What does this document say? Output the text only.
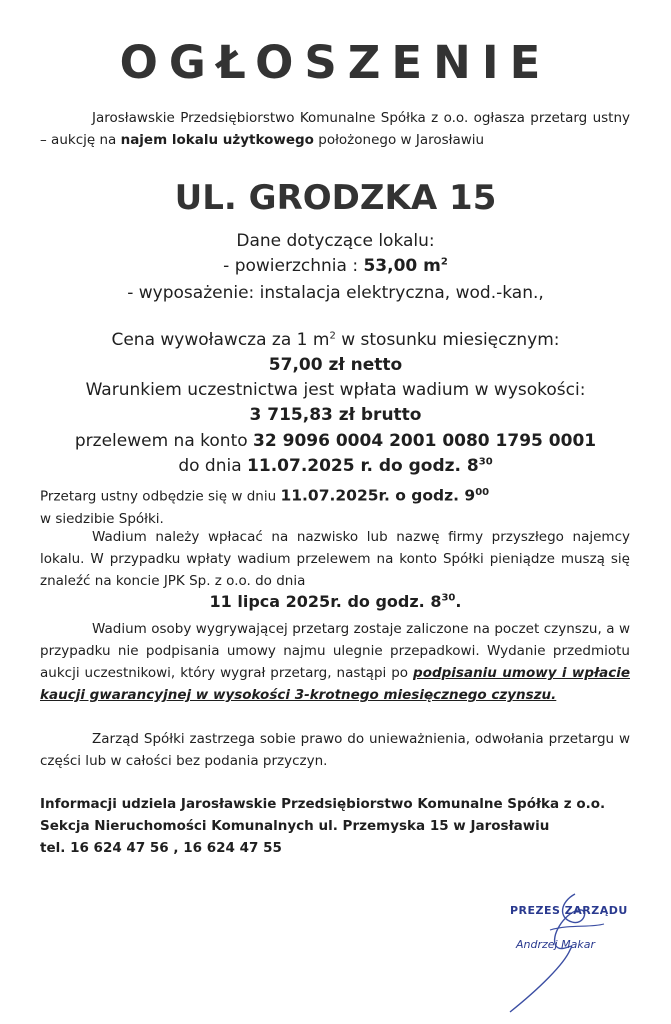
OGŁOSZENIE
Jarosławskie Przedsiębiorstwo Komunalne Spółka z o.o. ogłasza przetarg ustny – aukcję na najem lokalu użytkowego położonego w Jarosławiu
UL. GRODZKA 15
Dane dotyczące lokalu:
- powierzchnia : 53,00 $m^2$
- wyposażenie: instalacja elektryczna, wod.-kan.,
Cena wywoławcza za 1 $m^2$ w stosunku miesięcznym:
57,00 zł netto
Warunkiem uczestnictwa jest wpłata wadium w wysokości:
3 715,83 zł brutto
przelewem na konto 32 9096 0004 2001 0080 1795 0001
do dnia 11.07.2025 r. do godz. $8^{30}$
Przetarg ustny odbędzie się w dniu 11.07.2025r. o godz. $9^{00}$
w siedzibie Spółki.
Wadium należy wpłacać na nazwisko lub nazwę firmy przyszłego najemcy lokalu. W przypadku wpłaty wadium przelewem na konto Spółki pieniądze muszą się znaleźć na koncie JPK Sp. z o.o. do dnia
11 lipca 2025r. do godz. $8^{30}$.
Wadium osoby wygrywającej przetarg zostaje zaliczone na poczet czynszu, a w przypadku nie podpisania umowy najmu ulegnie przepadkowi. Wydanie przedmiotu aukcji uczestnikowi, który wygrał przetarg, nastąpi po podpisaniu umowy i wpłacie kaucji gwarancyjnej w wysokości 3-krotnego miesięcznego czynszu.
Zarząd Spółki zastrzega sobie prawo do unieważnienia, odwołania przetargu w części lub w całości bez podania przyczyn.
Informacji udziela Jarosławskie Przedsiębiorstwo Komunalne Spółka z o.o.
Sekcja Nieruchomości Komunalnych ul. Przemyska 15 w Jarosławiu
tel. 16 624 47 56 , 16 624 47 55
PREZES ZARZĄDU
Andrzej Makar
